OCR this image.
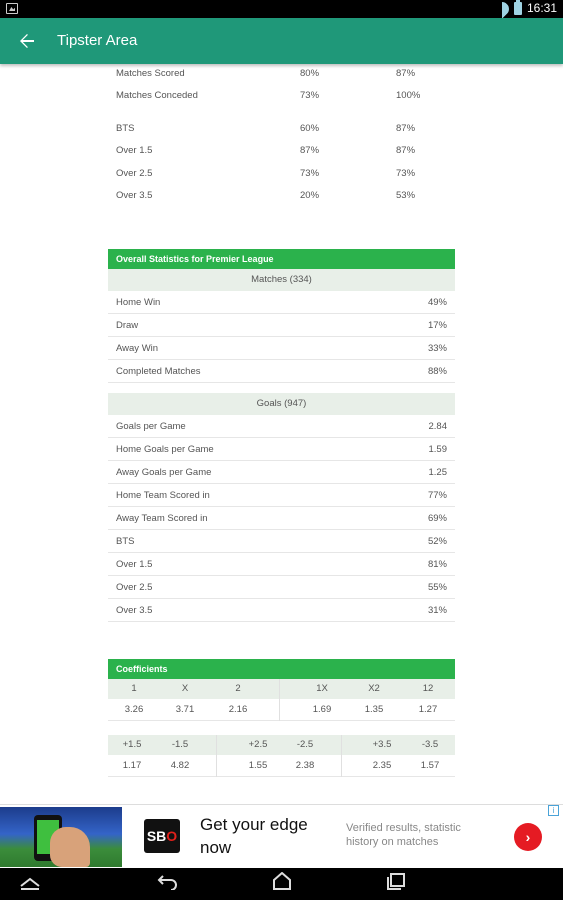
16:31
Tipster Area
Matches Scored	80%	87%
Matches Conceded	73%	100%
BTS	60%	87%
Over 1.5	87%	87%
Over 2.5	73%	73%
Over 3.5	20%	53%
Overall Statistics for Premier League
Matches (334)
Home Win	49%
Draw	17%
Away Win	33%
Completed Matches	88%
Goals (947)
Goals per Game	2.84
Home Goals per Game	1.59
Away Goals per Game	1.25
Home Team Scored in	77%
Away Team Scored in	69%
BTS	52%
Over 1.5	81%
Over 2.5	55%
Over 3.5	31%
Coefficients
1	X	2	1X	X2	12
3.26	3.71	2.16	1.69	1.35	1.27
+1.5	-1.5	+2.5	-2.5	+3.5	-3.5
1.17	4.82	1.55	2.38	2.35	1.57
SBO
Get your edge now
Verified results, statistic history on matches	›
i
